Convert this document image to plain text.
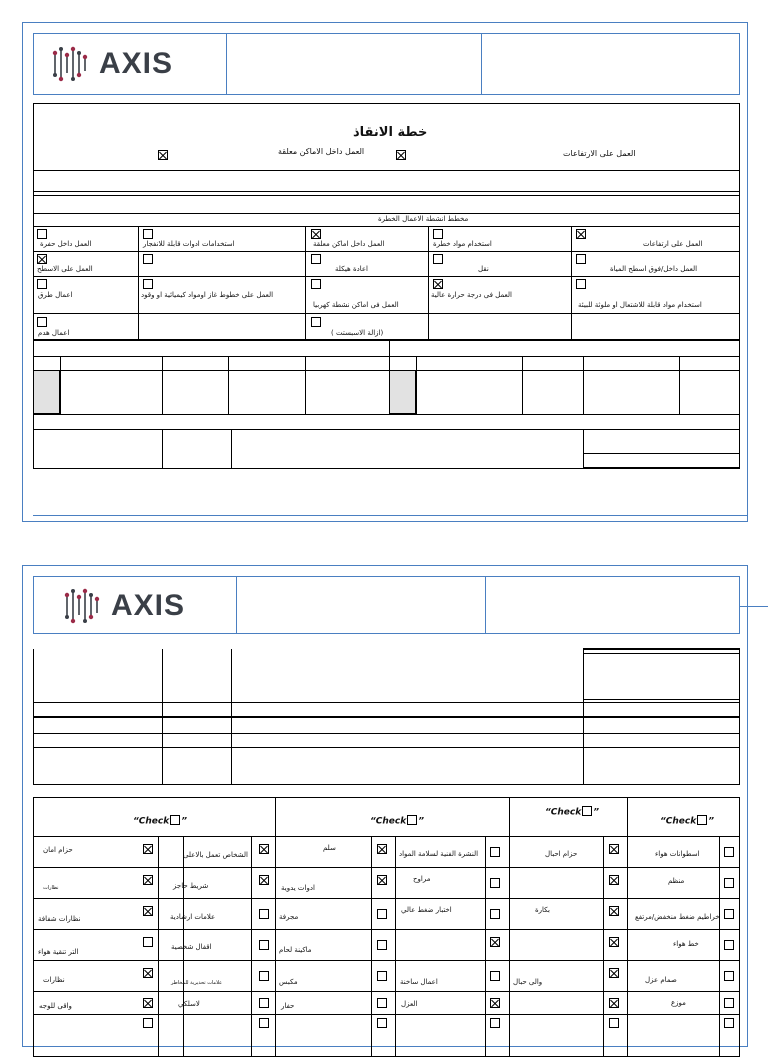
AXIS
خطة الانقاذ
العمل على الارتفاعات
العمل داخل الاماكن معلقة
مخطط انشطة الاعمال الخطرة
العمل على ارتفاعات
استخدام مواد خطرة
العمل داخل اماكن معلقة
استخدامات ادوات قابلة للانفجار
العمل داخل حفرة
العمل داخل/فوق اسطح المياة
نقل
اعادة هيكلة
العمل على الاسطح
استخدام مواد قابلة للاشتعال او ملوثة للبيئة
العمل فى درجة حرارة عالية
العمل فى اماكن نشطة كهربيا
العمل على خطوط غاز اومواد كيميائية او وقود
اعمال طرق
(ازالة الاسبستت )
اعمال هدم
AXIS
“Check ”	“Check ”
“Check ”
“Check ”
اسطوانات هواء
حزام احبال
النشرة الفنية لسلامة المواد
سلم
الشخاص تعمل بالاعلى
حزام امان
منظم
مراوح
ادوات يدوية
شريط حاجز
نظارات
خراطيم ضغط منخفض/مرتفع
بكارة
اختبار ضغط عالي
مجرفة
علامات ارشادية
نظارات شفافة
خط هواء
ماكينة لحام
اقفال شخصية
التر تنقية هواء
صمام عزل
والى حبال
اعمال ساخنة
مكبس
علامات تحذيرية للمخاطر
نظارات
موزع
العزل
حفار
لاسلكي
واقى للوجه
